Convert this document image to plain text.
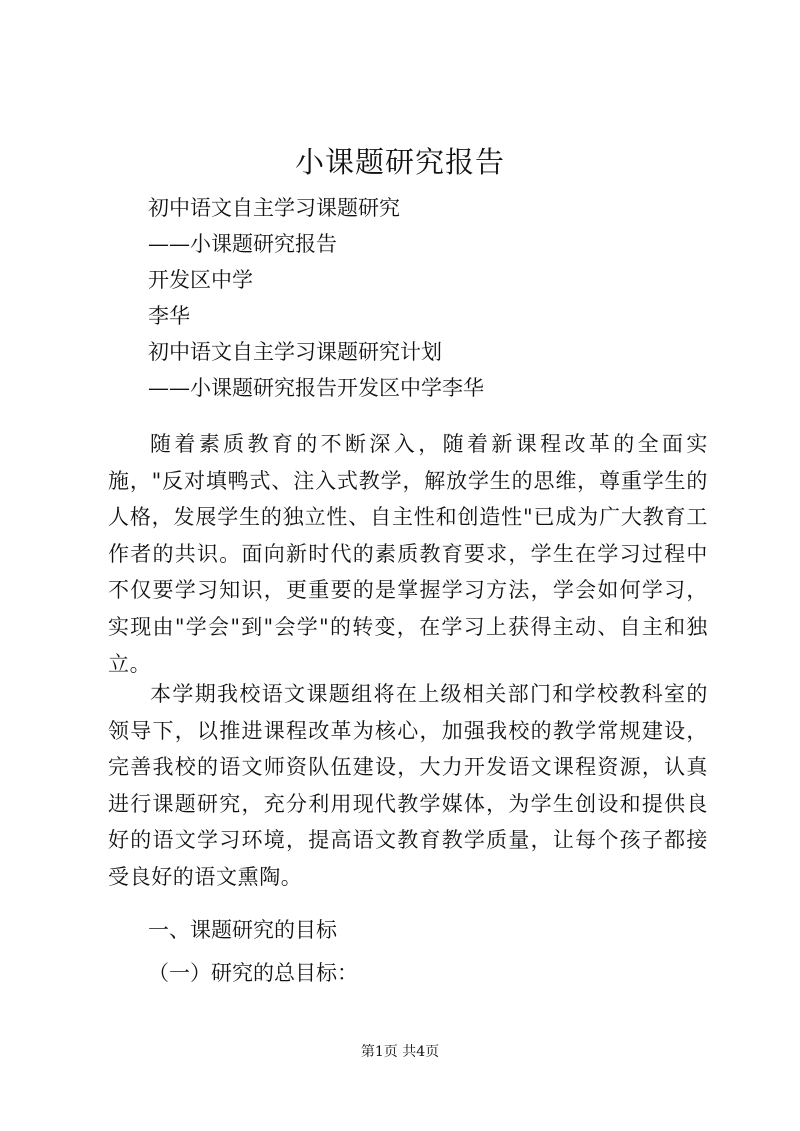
小课题研究报告
初中语文自主学习课题研究
——小课题研究报告
开发区中学
李华
初中语文自主学习课题研究计划
——小课题研究报告开发区中学李华

随着素质教育的不断深入，随着新课程改革的全面实施，"反对填鸭式、注入式教学，解放学生的思维，尊重学生的人格，发展学生的独立性、自主性和创造性"已成为广大教育工作者的共识。面向新时代的素质教育要求，学生在学习过程中不仅要学习知识，更重要的是掌握学习方法，学会如何学习，实现由"学会"到"会学"的转变，在学习上获得主动、自主和独立。

本学期我校语文课题组将在上级相关部门和学校教科室的领导下，以推进课程改革为核心，加强我校的教学常规建设，完善我校的语文师资队伍建设，大力开发语文课程资源，认真进行课题研究，充分利用现代教学媒体，为学生创设和提供良好的语文学习环境，提高语文教育教学质量，让每个孩子都接受良好的语文熏陶。

一、课题研究的目标
（一）研究的总目标：
第1页 共4页
